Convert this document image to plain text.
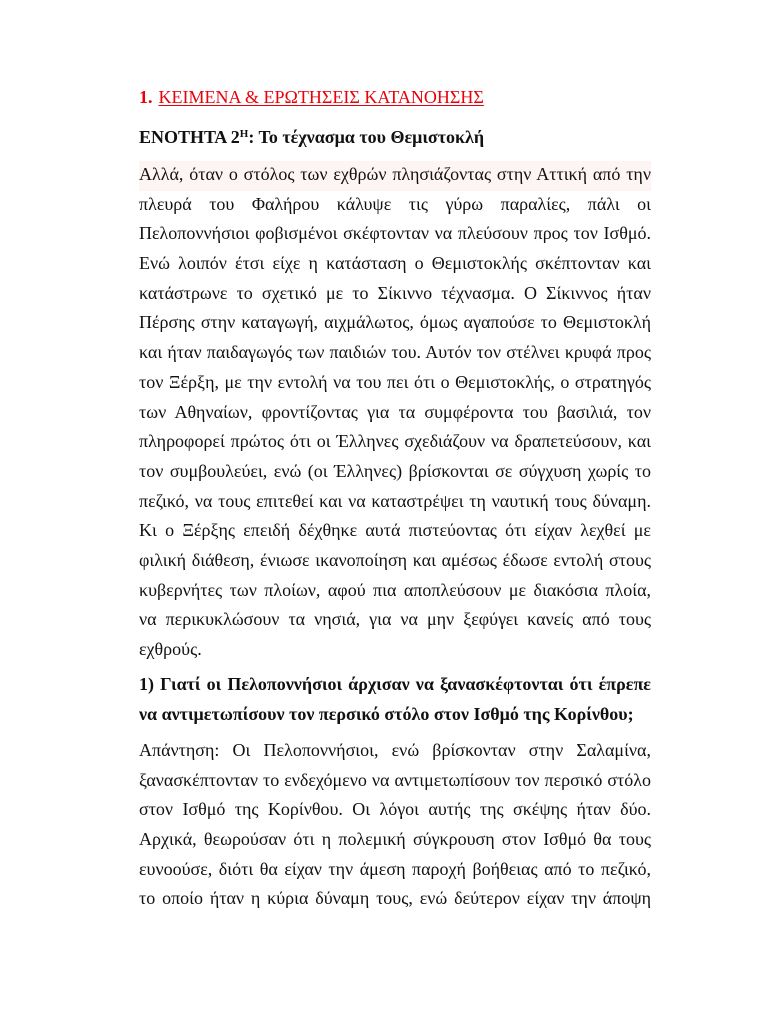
1. ΚΕΙΜΕΝΑ & ΕΡΩΤΗΣΕΙΣ ΚΑΤΑΝΟΗΣΗΣ
ΕΝΟΤΗΤΑ $2^H$: Το τέχνασμα του Θεμιστοκλή
Αλλά, όταν ο στόλος των εχθρών πλησιάζοντας στην Αττική από την
πλευρά του Φαλήρου κάλυψε τις γύρω παραλίες, πάλι οι
Πελοποννήσιοι φοβισμένοι σκέφτονταν να πλεύσουν προς τον Ισθμό.
Ενώ λοιπόν έτσι είχε η κατάσταση ο Θεμιστοκλής σκέπτονταν και
κατάστρωνε το σχετικό με το Σίκιννο τέχνασμα. Ο Σίκιννος ήταν
Πέρσης στην καταγωγή, αιχμάλωτος, όμως αγαπούσε το Θεμιστοκλή
και ήταν παιδαγωγός των παιδιών του. Αυτόν τον στέλνει κρυφά προς
τον Ξέρξη, με την εντολή να του πει ότι ο Θεμιστοκλής, ο στρατηγός
των Αθηναίων, φροντίζοντας για τα συμφέροντα του βασιλιά, τον
πληροφορεί πρώτος ότι οι Έλληνες σχεδιάζουν να δραπετεύσουν, και
τον συμβουλεύει, ενώ (οι Έλληνες) βρίσκονται σε σύγχυση χωρίς το
πεζικό, να τους επιτεθεί και να καταστρέψει τη ναυτική τους δύναμη.
Κι ο Ξέρξης επειδή δέχθηκε αυτά πιστεύοντας ότι είχαν λεχθεί με
φιλική διάθεση, ένιωσε ικανοποίηση και αμέσως έδωσε εντολή στους
κυβερνήτες των πλοίων, αφού πια αποπλεύσουν με διακόσια πλοία,
να περικυκλώσουν τα νησιά, για να μην ξεφύγει κανείς από τους
εχθρούς.
1) Γιατί οι Πελοποννήσιοι άρχισαν να ξανασκέφτονται ότι έπρεπε
να αντιμετωπίσουν τον περσικό στόλο στον Ισθμό της Κορίνθου;
Απάντηση: Οι Πελοποννήσιοι, ενώ βρίσκονταν στην Σαλαμίνα,
ξανασκέπτονταν το ενδεχόμενο να αντιμετωπίσουν τον περσικό στόλο
στον Ισθμό της Κορίνθου. Οι λόγοι αυτής της σκέψης ήταν δύο.
Αρχικά, θεωρούσαν ότι η πολεμική σύγκρουση στον Ισθμό θα τους
ευνοούσε, διότι θα είχαν την άμεση παροχή βοήθειας από το πεζικό,
το οποίο ήταν η κύρια δύναμη τους, ενώ δεύτερον είχαν την άποψη
